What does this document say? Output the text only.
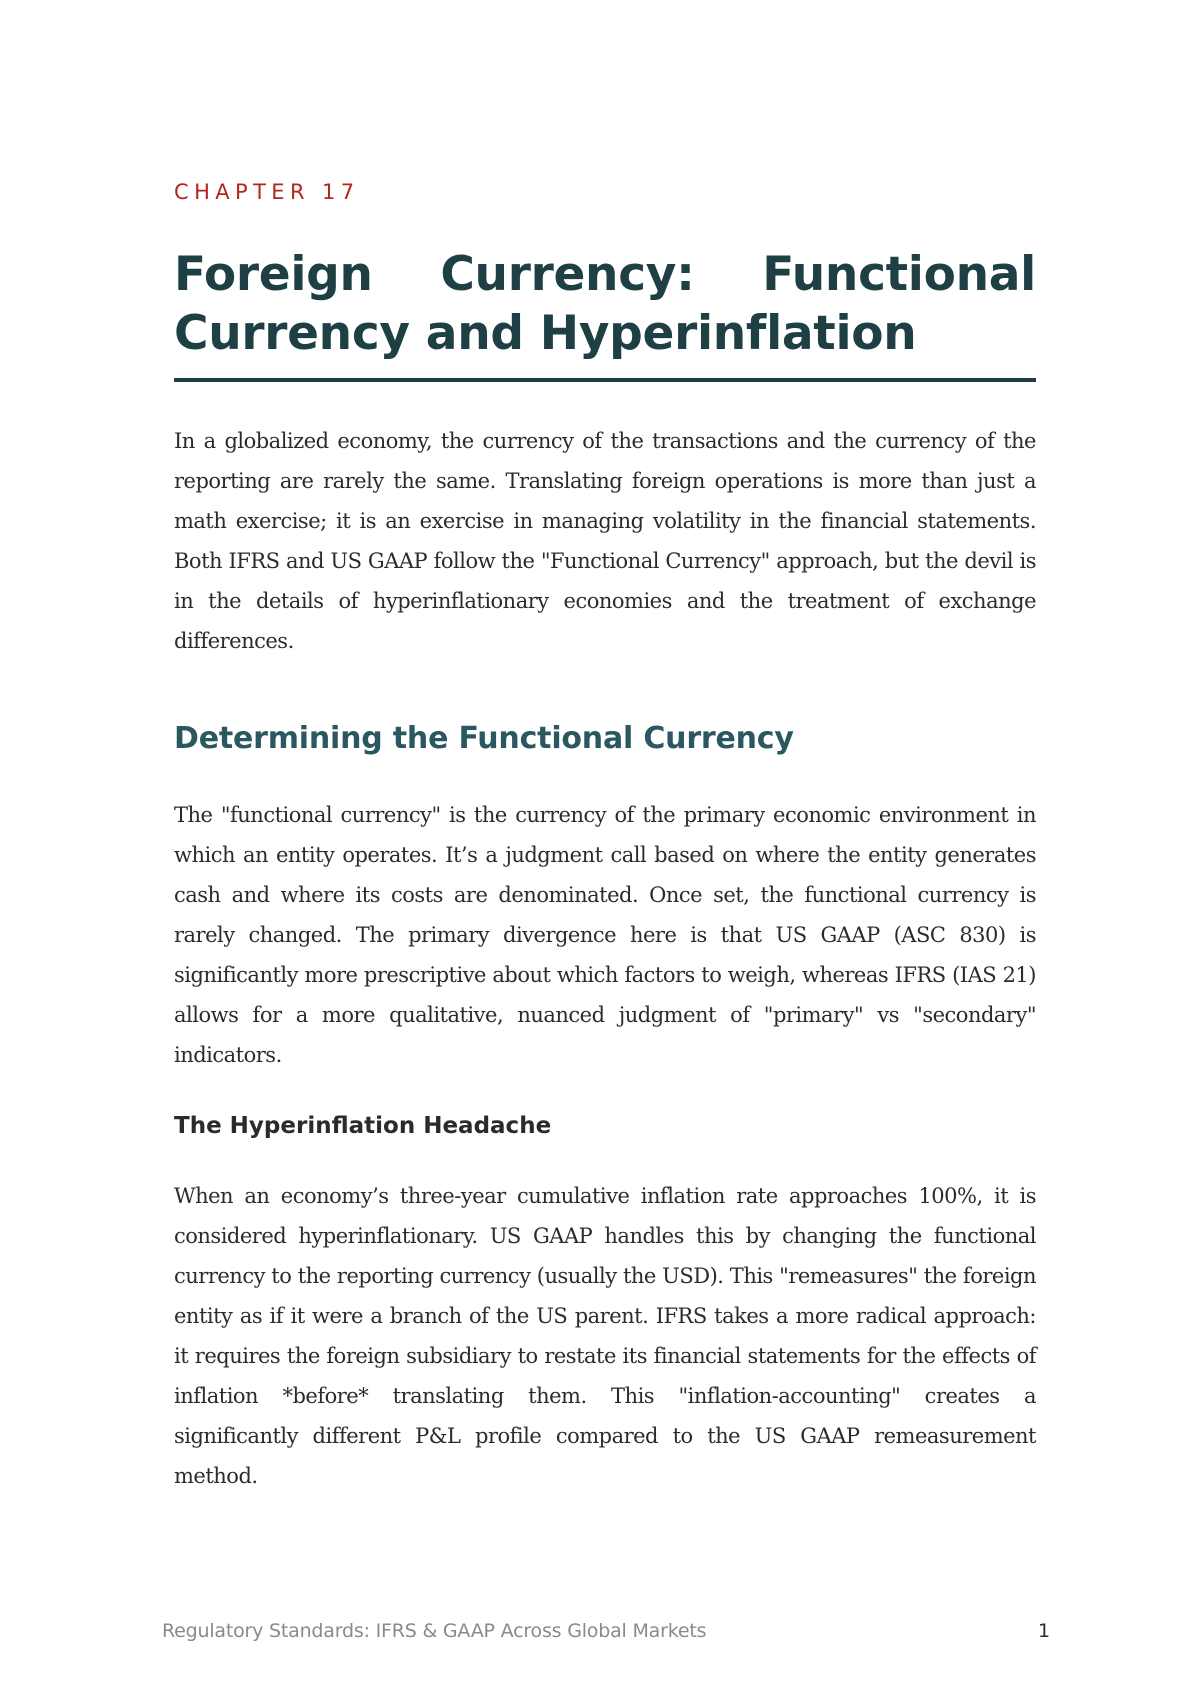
CHAPTER 17
Foreign Currency: Functional Currency and Hyperinflation

In a globalized economy, the currency of the transactions and the currency of the reporting are rarely the same. Translating foreign operations is more than just a math exercise; it is an exercise in managing volatility in the financial statements. Both IFRS and US GAAP follow the "Functional Currency" approach, but the devil is in the details of hyperinflationary economies and the treatment of exchange differences.

Determining the Functional Currency

The "functional currency" is the currency of the primary economic environment in which an entity operates. It’s a judgment call based on where the entity generates cash and where its costs are denominated. Once set, the functional currency is rarely changed. The primary divergence here is that US GAAP (ASC 830) is significantly more prescriptive about which factors to weigh, whereas IFRS (IAS 21) allows for a more qualitative, nuanced judgment of "primary" vs "secondary" indicators.

The Hyperinflation Headache

When an economy’s three-year cumulative inflation rate approaches 100%, it is considered hyperinflationary. US GAAP handles this by changing the functional currency to the reporting currency (usually the USD). This "remeasures" the foreign entity as if it were a branch of the US parent. IFRS takes a more radical approach: it requires the foreign subsidiary to restate its financial statements for the effects of inflation *before* translating them. This "inflation-accounting" creates a significantly different P&L profile compared to the US GAAP remeasurement method.

Regulatory Standards: IFRS & GAAP Across Global Markets	1
